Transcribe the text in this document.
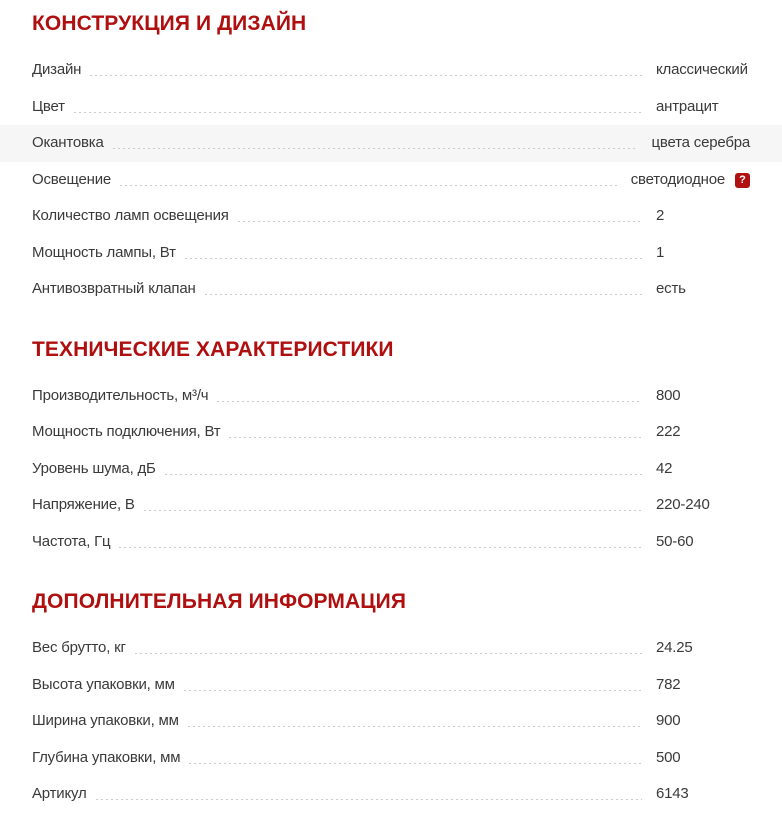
КОНСТРУКЦИЯ И ДИЗАЙН
Дизайн	классический
Цвет	антрацит
Окантовка	цвета серебра
Освещение	светодиодное ?
Количество ламп освещения	2
Мощность лампы, Вт	1
Антивозвратный клапан	есть
ТЕХНИЧЕСКИЕ ХАРАКТЕРИСТИКИ
Производительность, м³/ч	800
Мощность подключения, Вт	222
Уровень шума, дБ	42
Напряжение, В	220-240
Частота, Гц	50-60
ДОПОЛНИТЕЛЬНАЯ ИНФОРМАЦИЯ
Вес брутто, кг	24.25
Высота упаковки, мм	782
Ширина упаковки, мм	900
Глубина упаковки, мм	500
Артикул	6143
